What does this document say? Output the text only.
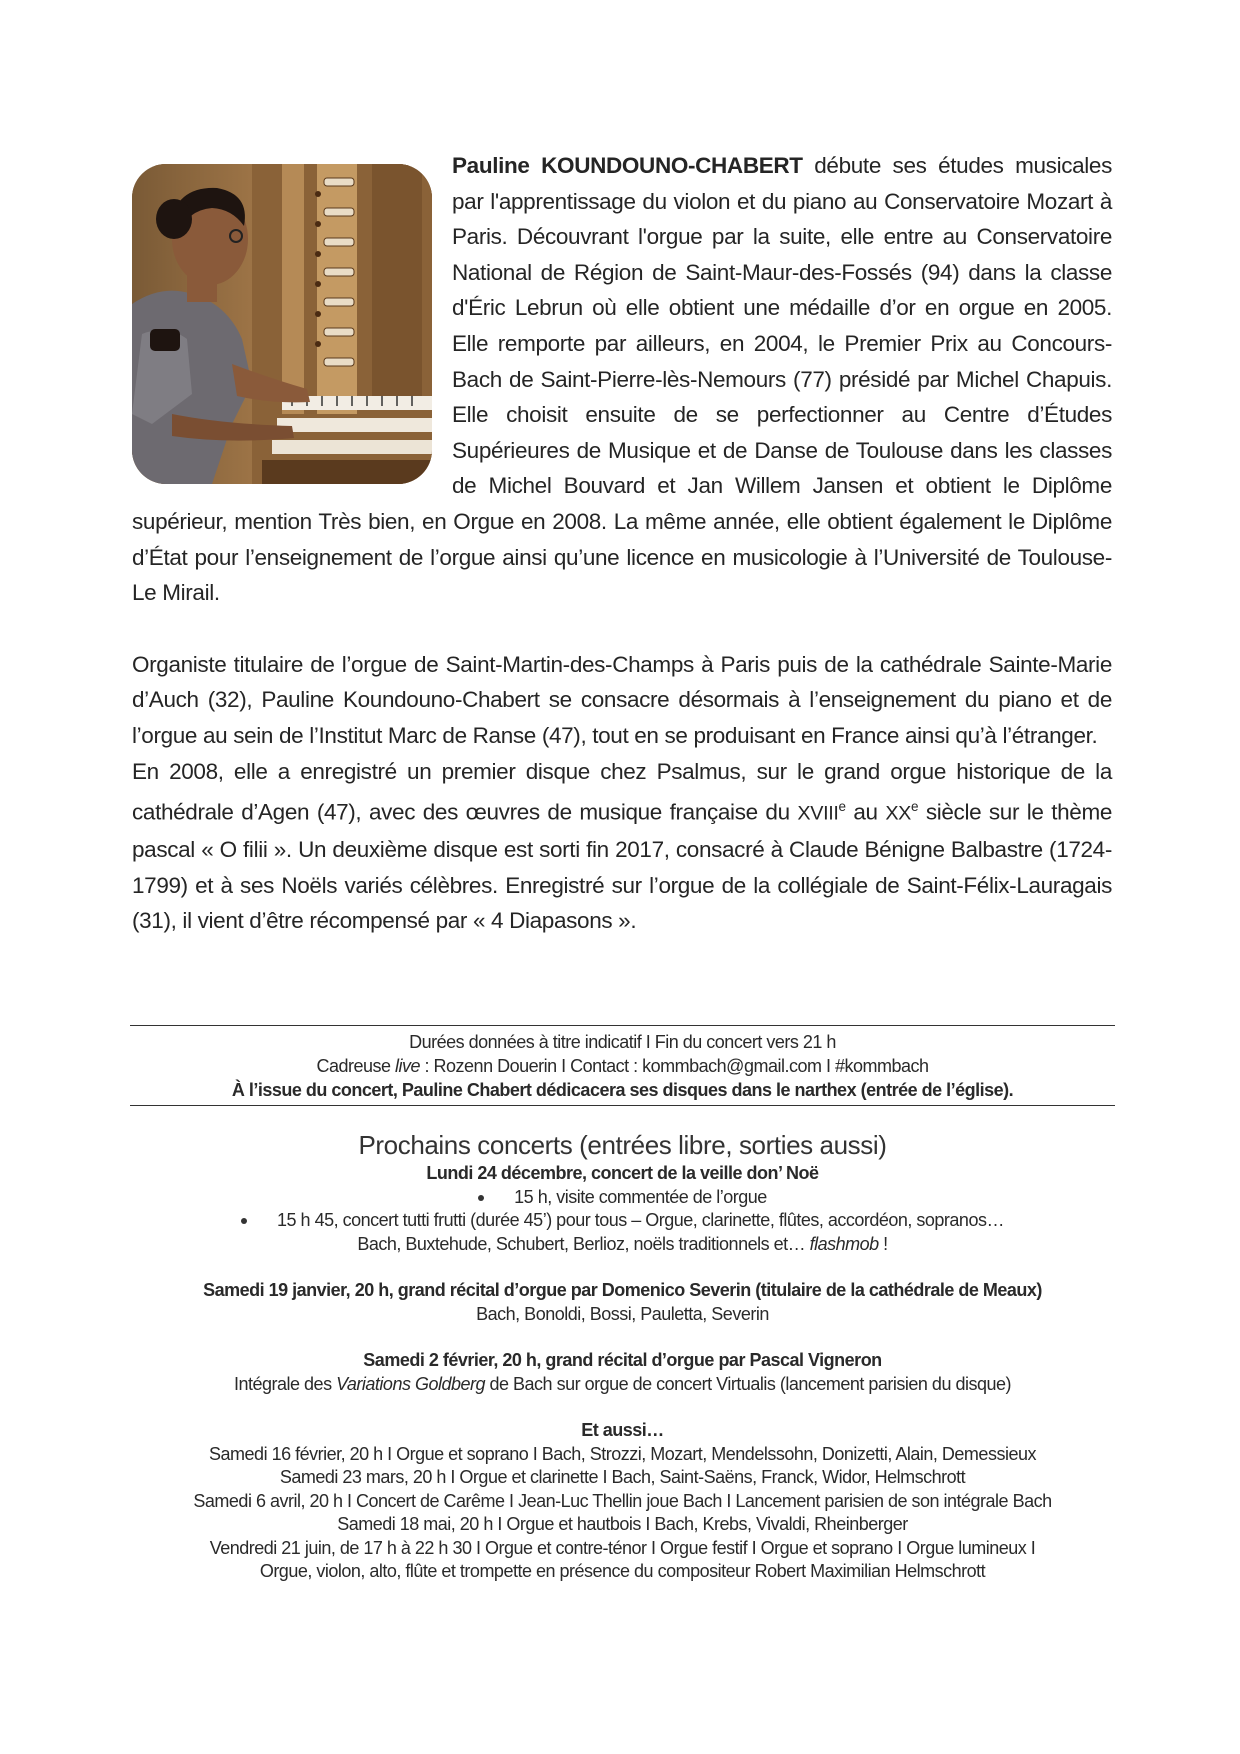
Pauline KOUNDOUNO-CHABERT débute ses études musicales par l'apprentissage du violon et du piano au Conservatoire Mozart à Paris. Découvrant l'orgue par la suite, elle entre au Conservatoire National de Région de Saint-Maur-des-Fossés (94) dans la classe d'Éric Lebrun où elle obtient une médaille d’or en orgue en 2005. Elle remporte par ailleurs, en 2004, le Premier Prix au Concours-Bach de Saint-Pierre-lès-Nemours (77) présidé par Michel Chapuis. Elle choisit ensuite de se perfectionner au Centre d’Études Supérieures de Musique et de Danse de Toulouse dans les classes de Michel Bouvard et Jan Willem Jansen et obtient le Diplôme supérieur, mention Très bien, en Orgue en 2008. La même année, elle obtient également le Diplôme d’État pour l’enseignement de l’orgue ainsi qu’une licence en musicologie à l’Université de Toulouse-Le Mirail.

Organiste titulaire de l’orgue de Saint-Martin-des-Champs à Paris puis de la cathédrale Sainte-Marie d’Auch (32), Pauline Koundouno-Chabert se consacre désormais à l’enseignement du piano et de l’orgue au sein de l’Institut Marc de Ranse (47), tout en se produisant en France ainsi qu’à l’étranger.

En 2008, elle a enregistré un premier disque chez Psalmus, sur le grand orgue historique de la cathédrale d’Agen (47), avec des œuvres de musique française du XVIIIe au XXe siècle sur le thème pascal « O filii ». Un deuxième disque est sorti fin 2017, consacré à Claude Bénigne Balbastre (1724-1799) et à ses Noëls variés célèbres. Enregistré sur l’orgue de la collégiale de Saint-Félix-Lauragais (31), il vient d’être récompensé par « 4 Diapasons ».

Durées données à titre indicatif I Fin du concert vers 21 h
Cadreuse live : Rozenn Douerin I Contact : kommbach@gmail.com I #kommbach
À l’issue du concert, Pauline Chabert dédicacera ses disques dans le narthex (entrée de l’église).
Prochains concerts (entrées libre, sorties aussi)
Lundi 24 décembre, concert de la veille don’ Noë
15 h, visite commentée de l’orgue
15 h 45, concert tutti frutti (durée 45’) pour tous – Orgue, clarinette, flûtes, accordéon, sopranos…
Bach, Buxtehude, Schubert, Berlioz, noëls traditionnels et… flashmob !
Samedi 19 janvier, 20 h, grand récital d’orgue par Domenico Severin (titulaire de la cathédrale de Meaux)
Bach, Bonoldi, Bossi, Pauletta, Severin
Samedi 2 février, 20 h, grand récital d’orgue par Pascal Vigneron
Intégrale des Variations Goldberg de Bach sur orgue de concert Virtualis (lancement parisien du disque)
Et aussi…
Samedi 16 février, 20 h I Orgue et soprano I Bach, Strozzi, Mozart, Mendelssohn, Donizetti, Alain, Demessieux
Samedi 23 mars, 20 h I Orgue et clarinette I Bach, Saint-Saëns, Franck, Widor, Helmschrott
Samedi 6 avril, 20 h I Concert de Carême I Jean-Luc Thellin joue Bach I Lancement parisien de son intégrale Bach
Samedi 18 mai, 20 h I Orgue et hautbois I Bach, Krebs, Vivaldi, Rheinberger
Vendredi 21 juin, de 17 h à 22 h 30 I Orgue et contre-ténor I Orgue festif I Orgue et soprano I Orgue lumineux I
Orgue, violon, alto, flûte et trompette en présence du compositeur Robert Maximilian Helmschrott
